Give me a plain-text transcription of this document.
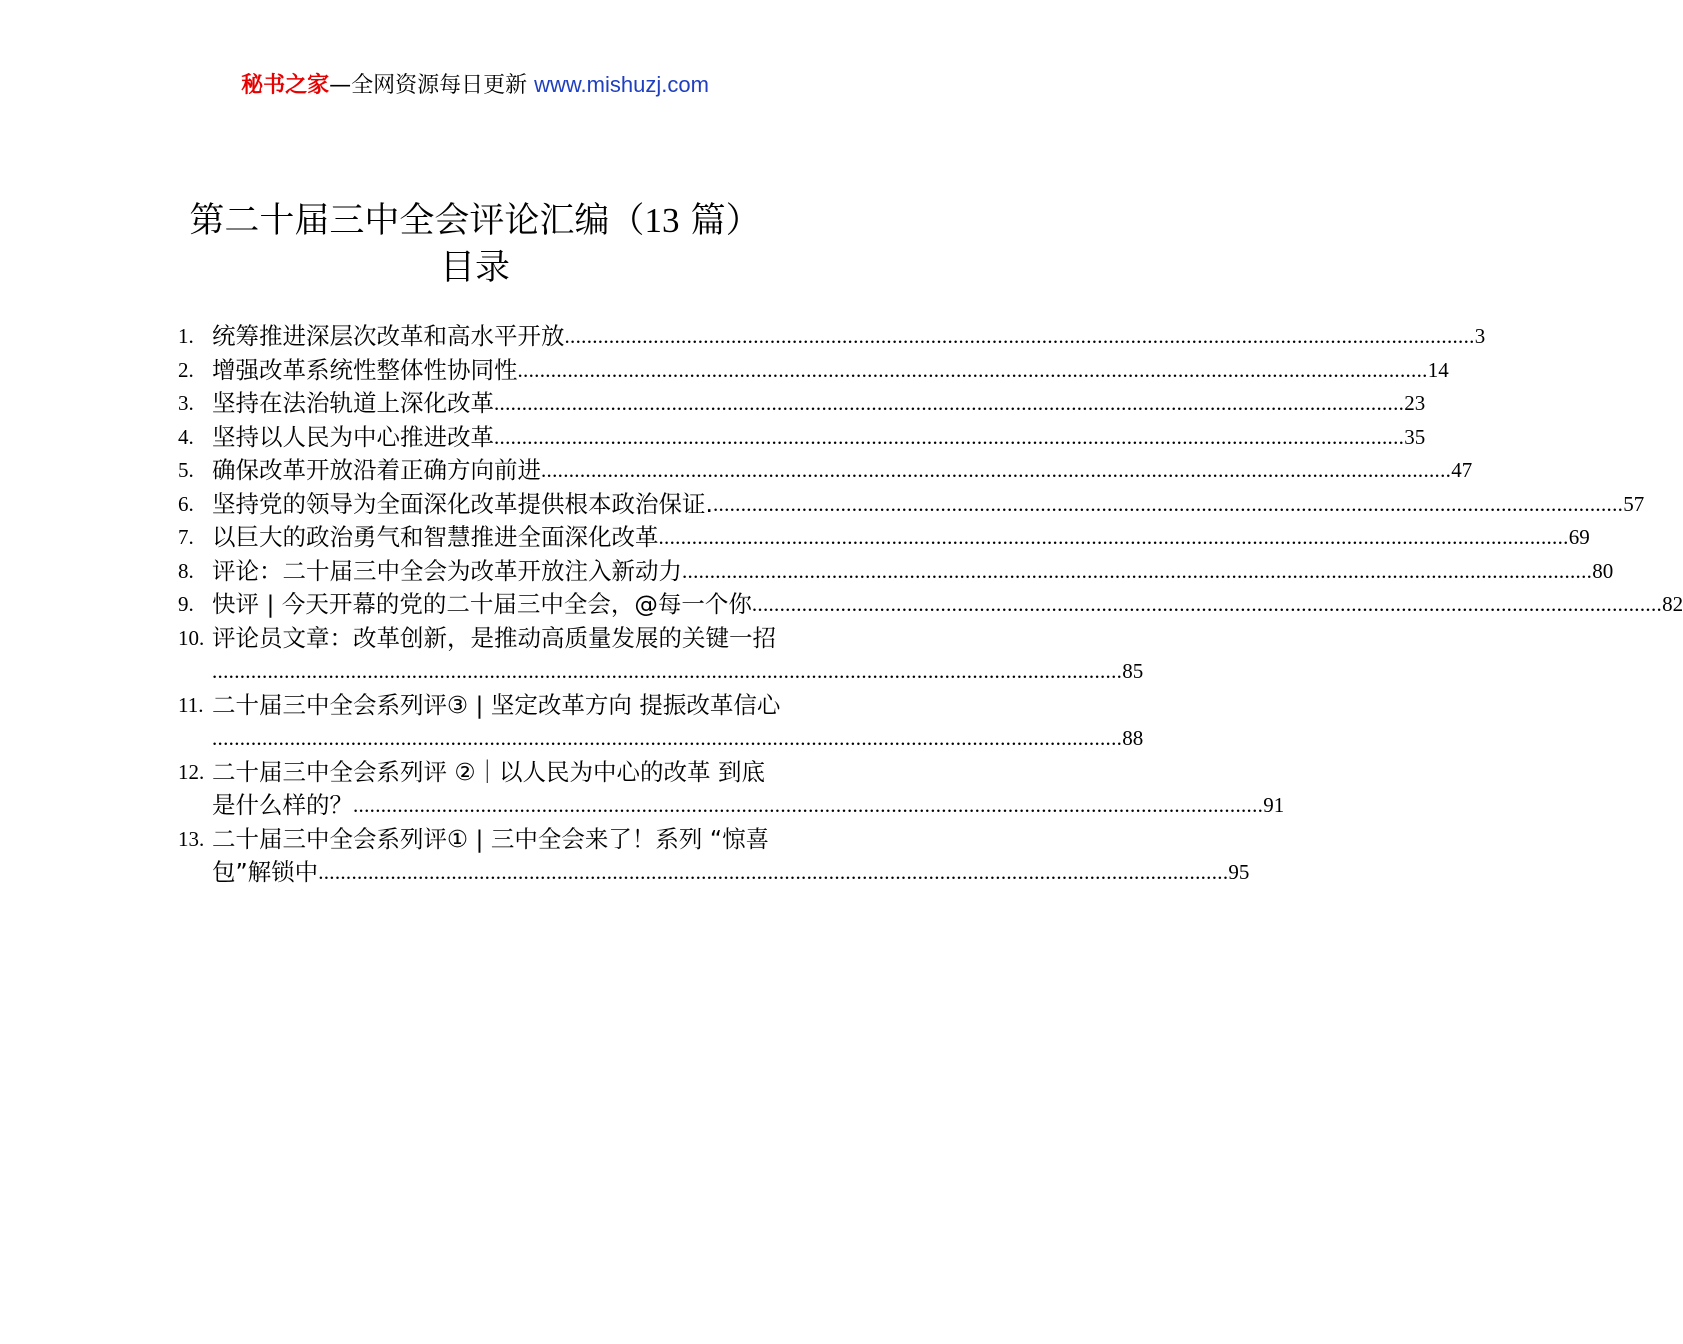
秘书之家—全网资源每日更新 www.mishuzj.com
第二十届三中全会评论汇编（13 篇）
目录
1. 统筹推进深层次改革和高水平开放 .................................................................................................................................................................... 3
2. 增强改革系统性整体性协同性 .................................................................................................................................................................... 14
3. 坚持在法治轨道上深化改革 .................................................................................................................................................................... 23
4. 坚持以人民为中心推进改革 .................................................................................................................................................................... 35
5. 确保改革开放沿着正确方向前进 .................................................................................................................................................................... 47
6. 坚持党的领导为全面深化改革提供根本政治保证. .................................................................................................................................................................... 57
7. 以巨大的政治勇气和智慧推进全面深化改革 .................................................................................................................................................................... 69
8. 评论：二十届三中全会为改革开放注入新动力 .................................................................................................................................................................... 80
9. 快评 | 今天开幕的党的二十届三中全会，@每一个你 .................................................................................................................................................................... 82
10. 评论员文章：改革创新，是推动高质量发展的关键一招
.................................................................................................................................................................... 85
11. 二十届三中全会系列评③ | 坚定改革方向 提振改革信心
.................................................................................................................................................................... 88
12. 二十届三中全会系列评 ②｜以人民为中心的改革 到底
是什么样的？ .................................................................................................................................................................... 91
13. 二十届三中全会系列评① | 三中全会来了！系列 “惊喜
包”解锁中 .................................................................................................................................................................... 95
